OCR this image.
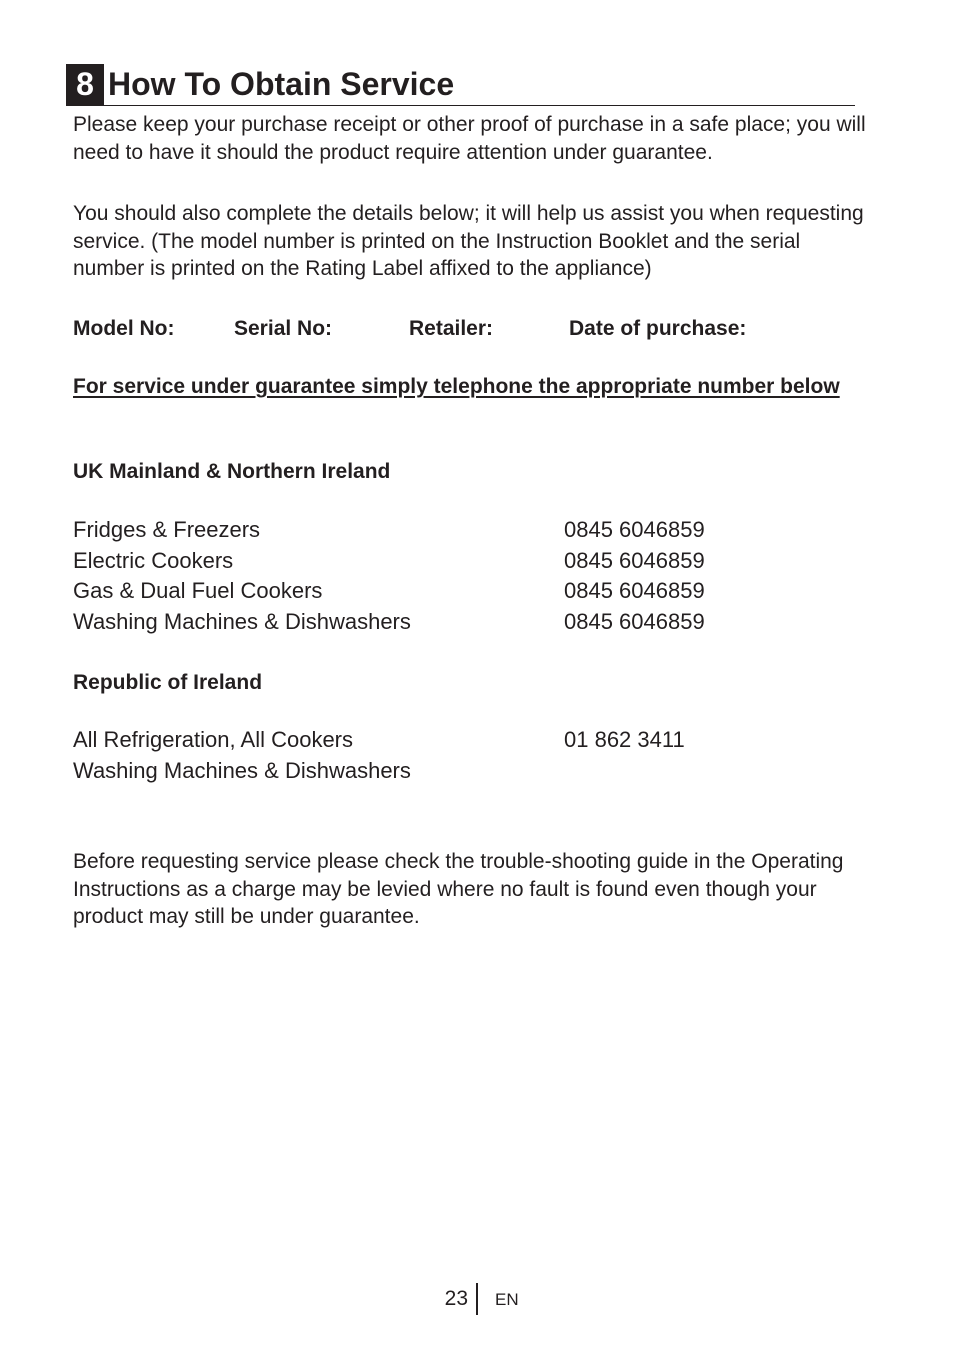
8 How To Obtain Service

Please keep your purchase receipt or other proof of purchase in a safe place; you will need to have it should the product require attention under guarantee.

You should also complete the details below; it will help us assist you when requesting service. (The model number is printed on the Instruction Booklet and the serial number is printed on the Rating Label affixed to the appliance)

Model No:	Serial No:	Retailer:	Date of purchase:

For service under guarantee simply telephone the appropriate number below

UK Mainland & Northern Ireland
Fridges & Freezers	0845 6046859
Electric Cookers	0845 6046859
Gas & Dual Fuel Cookers	0845 6046859
Washing Machines & Dishwashers	0845 6046859
Republic of Ireland
All Refrigeration, All Cookers	01 862 3411
Washing Machines & Dishwashers

Before requesting service please check the trouble-shooting guide in the Operating Instructions as a charge may be levied where no fault is found even though your product may still be under guarantee.

23 EN
